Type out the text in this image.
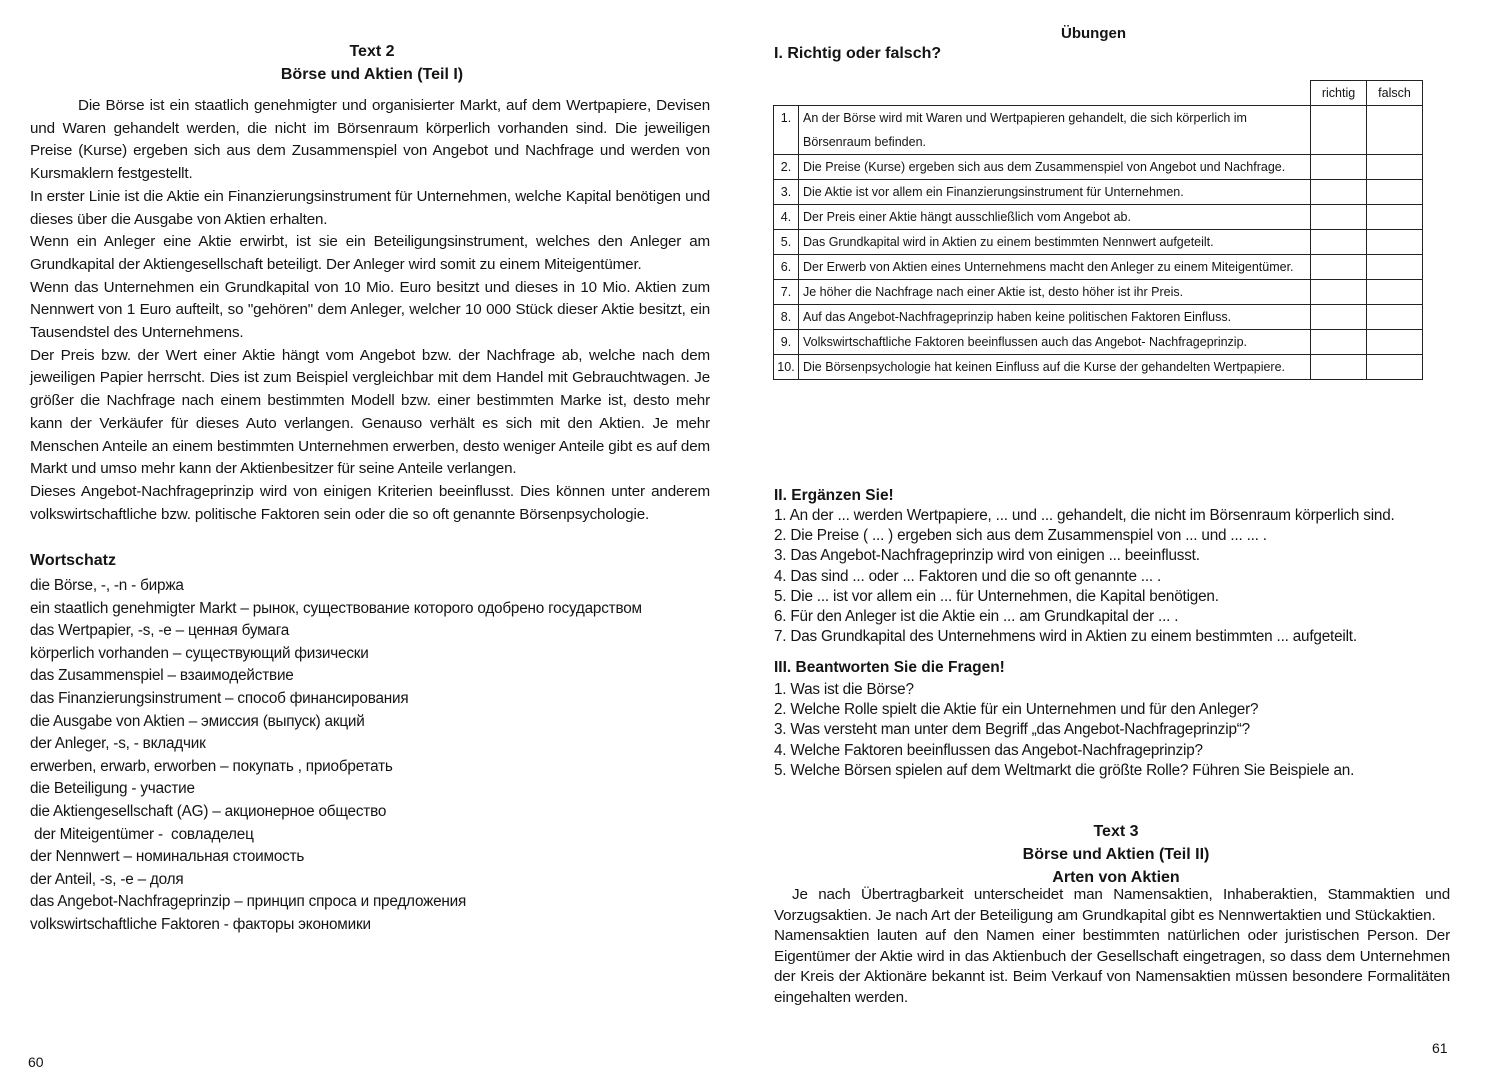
Text 2
Börse und Aktien (Teil I)

Die Börse ist ein staatlich genehmigter und organisierter Markt, auf dem Wertpapiere, Devisen und Waren gehandelt werden, die nicht im Börsenraum körperlich vorhanden sind. Die jeweiligen Preise (Kurse) ergeben sich aus dem Zusammenspiel von Angebot und Nachfrage und werden von Kursmaklern festgestellt.

In erster Linie ist die Aktie ein Finanzierungsinstrument für Unternehmen, welche Kapital benötigen und dieses über die Ausgabe von Aktien erhalten.

Wenn ein Anleger eine Aktie erwirbt, ist sie ein Beteiligungsinstrument, welches den Anleger am Grundkapital der Aktiengesellschaft beteiligt. Der Anleger wird somit zu einem Miteigentümer.

Wenn das Unternehmen ein Grundkapital von 10 Mio. Euro besitzt und dieses in 10 Mio. Aktien zum Nennwert von 1 Euro aufteilt, so "gehören" dem Anleger, welcher 10 000 Stück dieser Aktie besitzt, ein Tausendstel des Unternehmens.

Der Preis bzw. der Wert einer Aktie hängt vom Angebot bzw. der Nachfrage ab, welche nach dem jeweiligen Papier herrscht. Dies ist zum Beispiel vergleichbar mit dem Handel mit Gebrauchtwagen. Je größer die Nachfrage nach einem bestimmten Modell bzw. einer bestimmten Marke ist, desto mehr kann der Verkäufer für dieses Auto verlangen. Genauso verhält es sich mit den Aktien. Je mehr Menschen Anteile an einem bestimmten Unternehmen erwerben, desto weniger Anteile gibt es auf dem Markt und umso mehr kann der Aktienbesitzer für seine Anteile verlangen.

Dieses Angebot-Nachfrageprinzip wird von einigen Kriterien beeinflusst. Dies können unter anderem volkswirtschaftliche bzw. politische Faktoren sein oder die so oft genannte Börsenpsychologie.

Wortschatz
die Börse, -, -n - биржа
ein staatlich genehmigter Markt – рынок, существование которого одобрено государством
das Wertpapier, -s, -e – ценная бумага
körperlich vorhanden – существующий физически
das Zusammenspiel – взаимодействие
das Finanzierungsinstrument – способ финансирования
die Ausgabe von Aktien – эмиссия (выпуск) акций
der Anleger, -s, - вкладчик
erwerben, erwarb, erworben – покупать , приобретать
die Beteiligung - участие
die Aktiengesellschaft (AG) – акционерное общество
der Miteigentümer -  совладелец
der Nennwert – номинальная стоимость
der Anteil, -s, -e – доля
das Angebot-Nachfrageprinzip – принцип спроса и предложения
volkswirtschaftliche Faktoren - факторы экономики
60
Übungen
I. Richtig oder falsch?
		richtig	falsch
1.	An der Börse wird mit Waren und Wertpapieren gehandelt, die sich körperlich im Börsenraum befinden.		
2.	Die Preise (Kurse) ergeben sich aus dem Zusammenspiel von Angebot und Nachfrage.		
3.	Die Aktie ist vor allem ein Finanzierungsinstrument für Unternehmen.		
4.	Der Preis einer Aktie hängt ausschließlich vom Angebot ab.		
5.	Das Grundkapital wird in Aktien zu einem bestimmten Nennwert aufgeteilt.		
6.	Der Erwerb von Aktien eines Unternehmens macht den Anleger zu einem Miteigentümer.		
7.	Je höher die Nachfrage nach einer Aktie ist, desto höher ist ihr Preis.		
8.	Auf das Angebot-Nachfrageprinzip haben keine politischen Faktoren Einfluss.		
9.	Volkswirtschaftliche Faktoren beeinflussen auch das Angebot- Nachfrageprinzip.		
10.	Die Börsenpsychologie hat keinen Einfluss auf die Kurse der gehandelten Wertpapiere.		
II. Ergänzen Sie!
1. An der ... werden Wertpapiere, ... und ... gehandelt, die nicht im Börsenraum körperlich sind.
2. Die Preise ( ... ) ergeben sich aus dem Zusammenspiel von ... und ... ... .
3. Das Angebot-Nachfrageprinzip wird von einigen ... beeinflusst.
4. Das sind ... oder ... Faktoren und die so oft genannte ... .
5. Die ... ist vor allem ein ... für Unternehmen, die Kapital benötigen.
6. Für den Anleger ist die Aktie ein ... am Grundkapital der ... .
7. Das Grundkapital des Unternehmens wird in Aktien zu einem bestimmten ... aufgeteilt.
III. Beantworten Sie die Fragen!
1. Was ist die Börse?
2. Welche Rolle spielt die Aktie für ein Unternehmen und für den Anleger?
3. Was versteht man unter dem Begriff „das Angebot-Nachfrageprinzip“?
4. Welche Faktoren beeinflussen das Angebot-Nachfrageprinzip?
5. Welche Börsen spielen auf dem Weltmarkt die größte Rolle? Führen Sie Beispiele an.
Text 3
Börse und Aktien (Teil II)
Arten von Aktien

Je nach Übertragbarkeit unterscheidet man Namensaktien, Inhaberaktien, Stammaktien und Vorzugsaktien. Je nach Art der Beteiligung am Grundkapital gibt es Nennwertaktien und Stückaktien.

Namensaktien lauten auf den Namen einer bestimmten natürlichen oder juristischen Person. Der Eigentümer der Aktie wird in das Aktienbuch der Gesellschaft eingetragen, so dass dem Unternehmen der Kreis der Aktionäre bekannt ist. Beim Verkauf von Namensaktien müssen besondere Formalitäten eingehalten werden.

61
